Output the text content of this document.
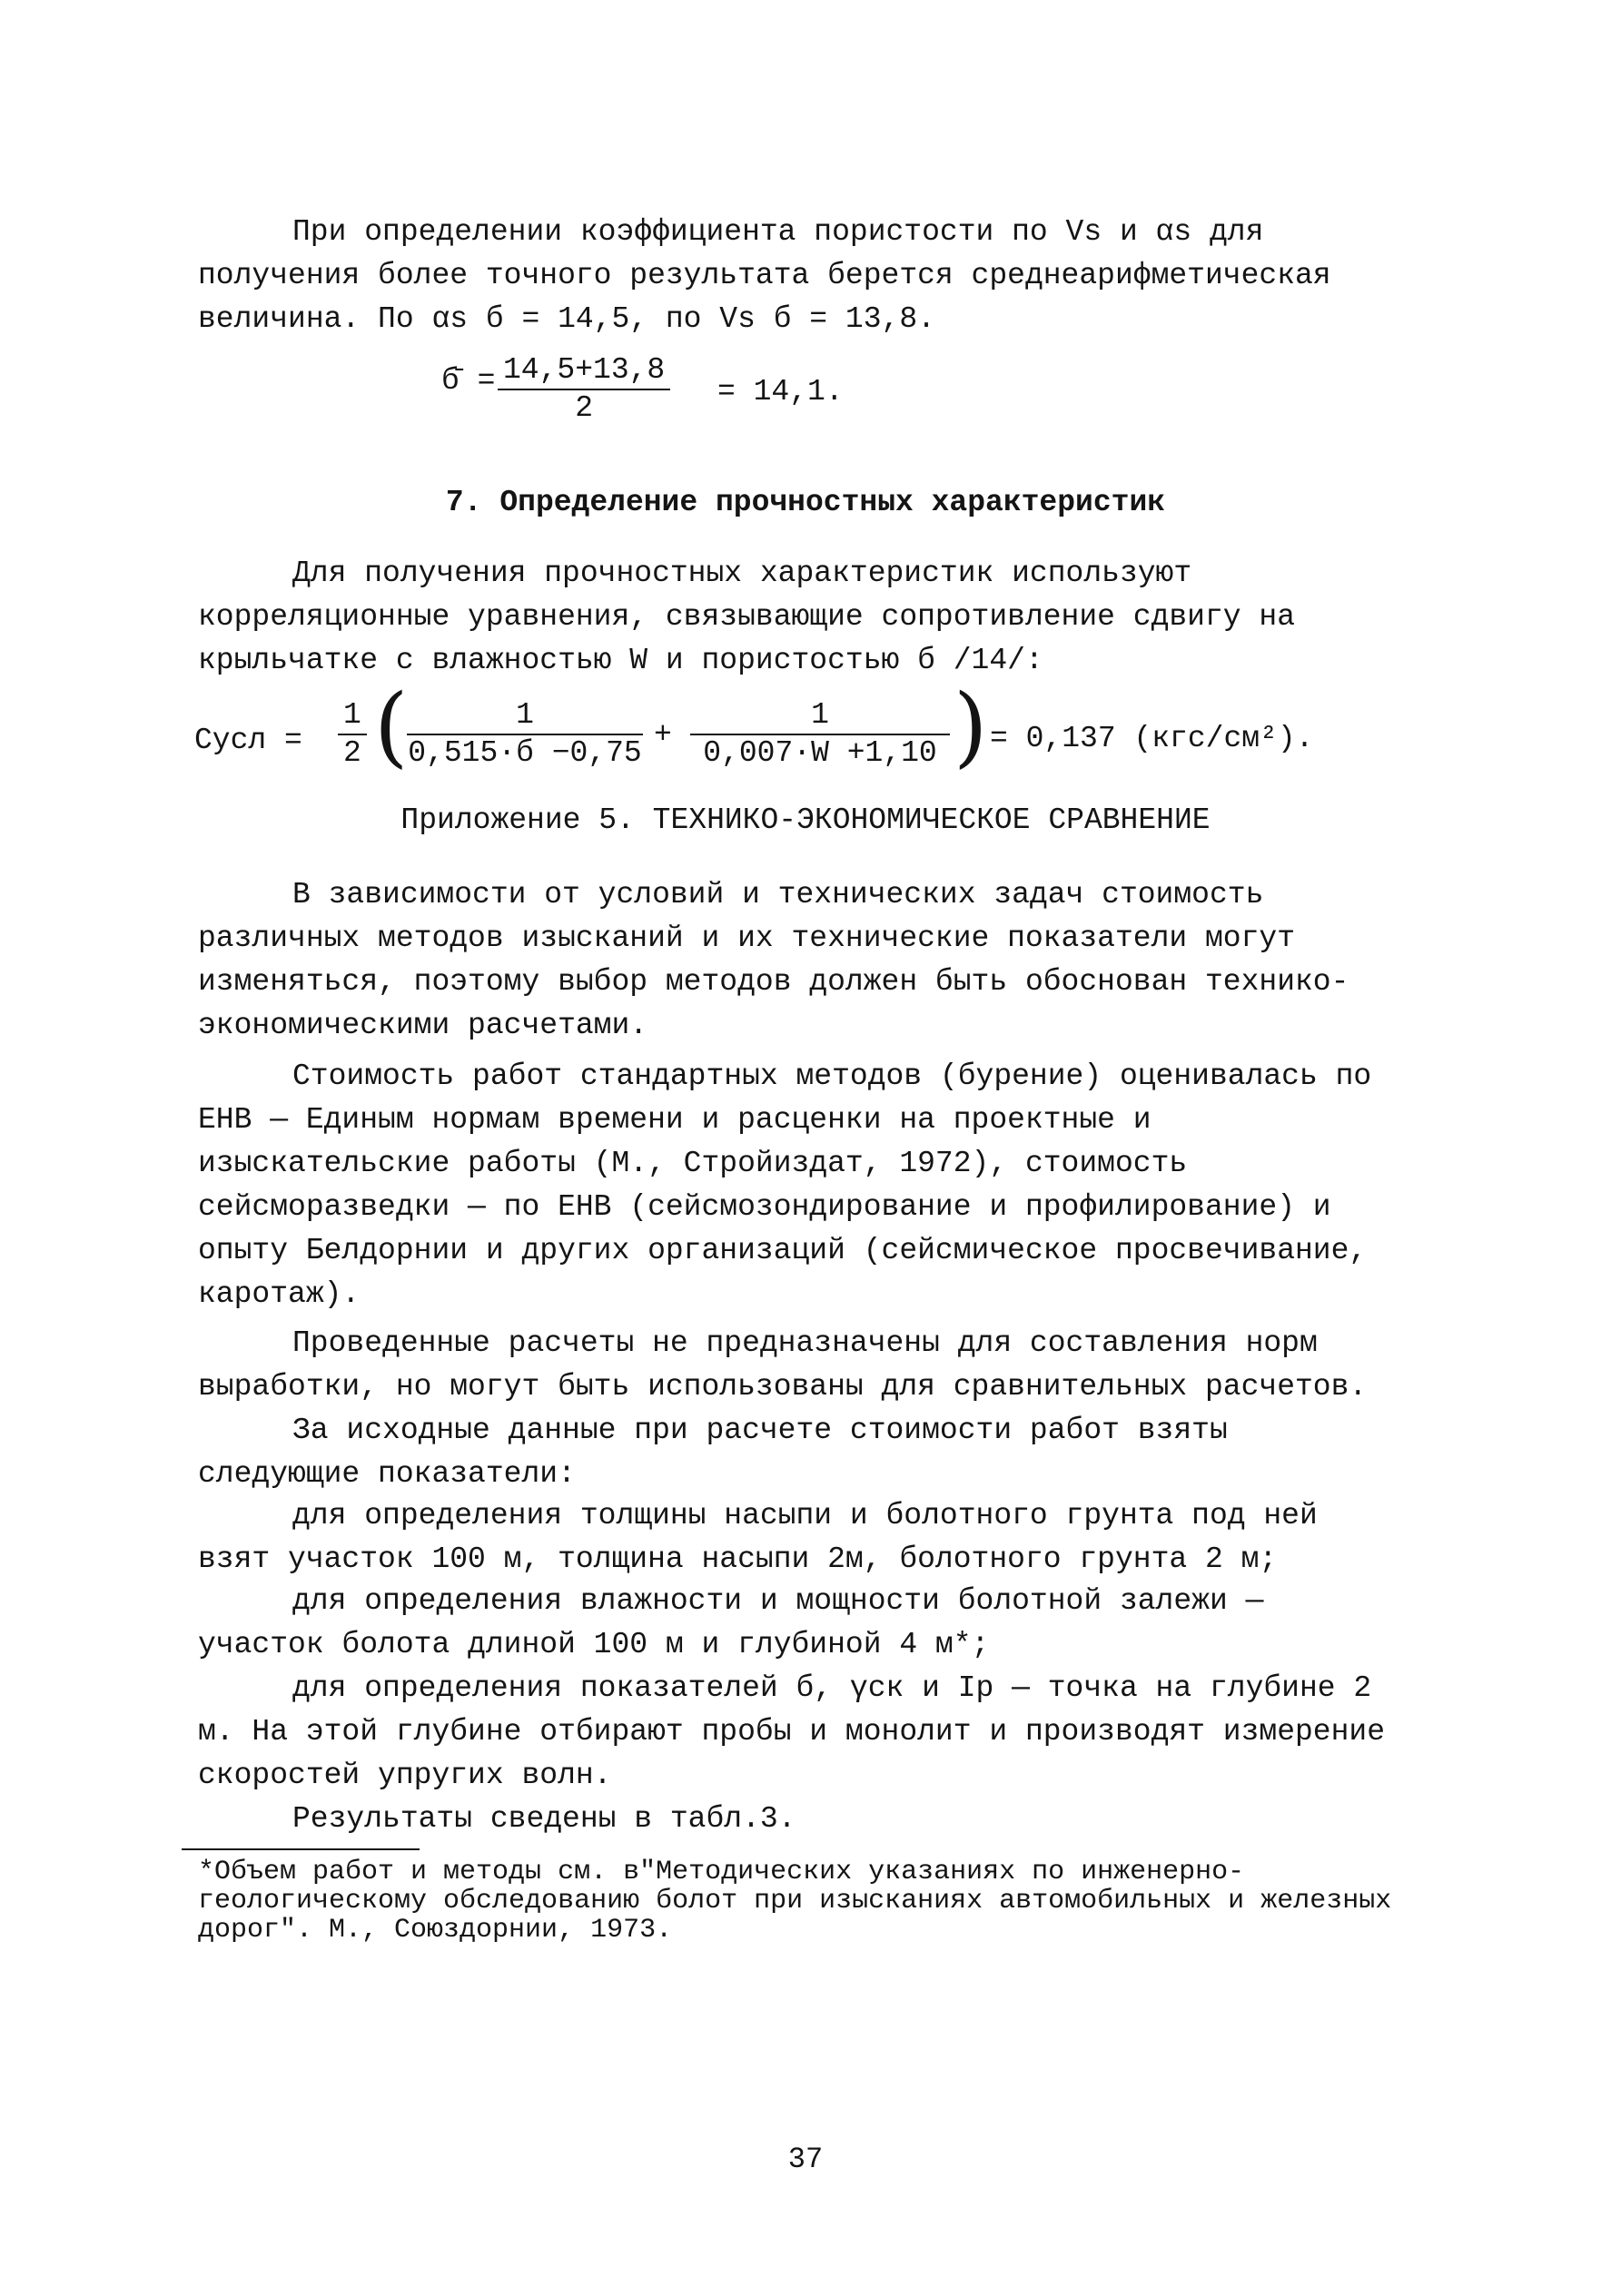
При определении коэффициента пористости по Vs и αs для получения более точного результата берется среднеарифметическая величина. По αs б = 14,5, по Vs б = 13,8.

б̄ = $\frac{14,5+13,8}{2} = 14,1$.

7. Определение прочностных характеристик

Для получения прочностных характеристик используют корреляционные уравнения, связывающие сопротивление сдвигу на крыльчатке с влажностью W и пористостью б /14/:

Cусл = $\frac{1}{2}$ (	1
0,515·б −0,75
+ $\frac{1}{0,007\cdot W +1,10}$ ) = 0,137 (кгс/см²).

Приложение 5. ТЕХНИКО-ЭКОНОМИЧЕСКОЕ СРАВНЕНИЕ

В зависимости от условий и технических задач стоимость различных методов изысканий и их технические показатели могут изменяться, поэтому выбор методов должен быть обоснован технико-экономическими расчетами.

Стоимость работ стандартных методов (бурение) оценивалась по ЕНВ — Единым нормам времени и расценки на проектные и изыскательские работы (М., Стройиздат, 1972), стоимость сейсморазведки — по ЕНВ (сейсмозондирование и профилирование) и опыту Белдорнии и других организаций (сейсмическое просвечивание, каротаж).

Проведенные расчеты не предназначены для составления норм выработки, но могут быть использованы для сравнительных расчетов.

За исходные данные при расчете стоимости работ взяты следующие показатели:

для определения толщины насыпи и болотного грунта под ней взят участок 100 м, толщина насыпи 2м, болотного грунта 2 м;

для определения влажности и мощности болотной залежи — участок болота длиной 100 м и глубиной 4 м*;

для определения показателей б, γск и Ip — точка на глубине 2 м. На этой глубине отбирают пробы и монолит и производят измерение скоростей упругих волн.

Результаты сведены в табл.3.

*Объем работ и методы см. в"Методических указаниях по инженерно-геологическому обследованию болот при изысканиях автомобильных и железных дорог". М., Союздорнии, 1973.

37
